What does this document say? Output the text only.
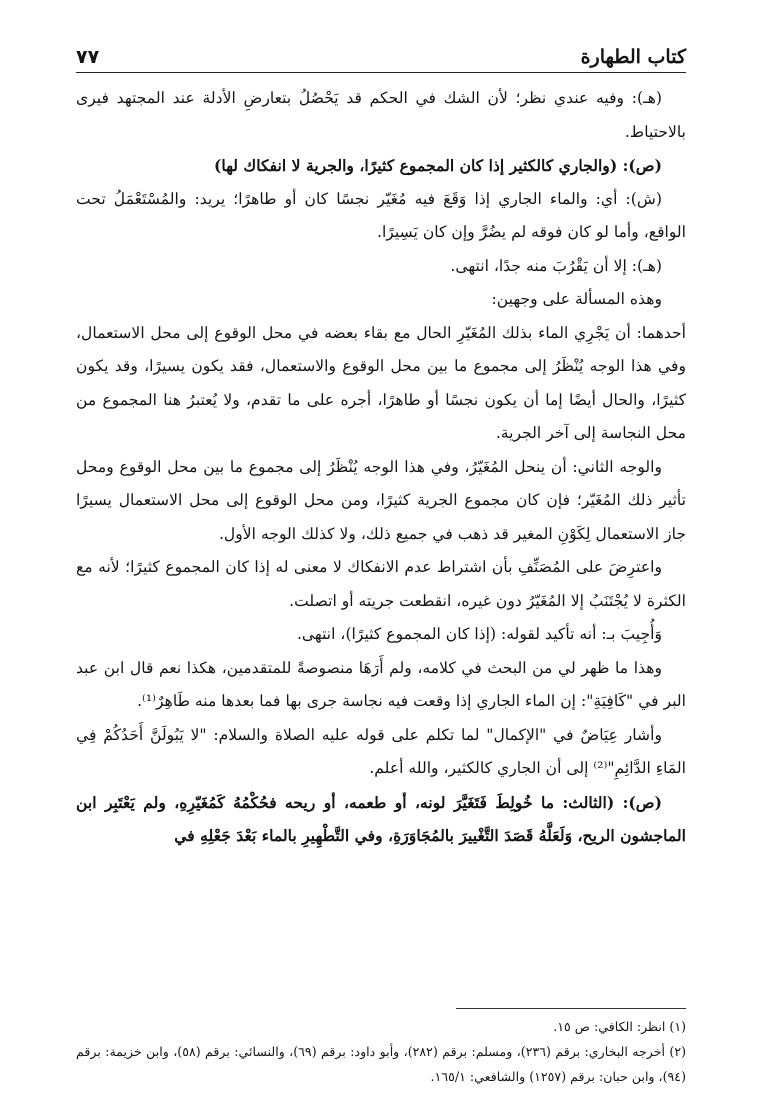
كتاب الطهارة
٧٧

(هـ): وفيه عندي نظر؛ لأن الشك في الحكم قد يَحْصُلُ بتعارضِ الأدلة عند المجتهد فيرى بالاحتياط.

(ص): (والجاري كالكثير إذا كان المجموع كثيرًا، والجرية لا انفكاك لها)

(ش): أي: والماء الجاري إذا وَقَعَ فيه مُغَيّر نجسًا كان أو طاهرًا؛ يريد: والمُسْتَعْمَلُ تحت الواقع، وأما لو كان فوقه لم يضُرَّ وإن كان يَسِيرًا.

(هـ): إلا أن يَقْرُبَ منه جدًا، انتهى.

وهذه المسألة على وجهين:

أحدهما: أن يَجْرِي الماء بذلك المُغَيّرِ الحال مع بقاء بعضه في محل الوقوع إلى محل الاستعمال، وفي هذا الوجه يُنْظَرُ إلى مجموع ما بين محل الوقوع والاستعمال، فقد يكون يسيرًا، وقد يكون كثيرًا، والحال أيضًا إما أن يكون نجسًا أو طاهرًا، أجره على ما تقدم، ولا يُعتبرُ هنا المجموع من محل النجاسة إلى آخر الجرية.

والوجه الثاني: أن ينحل المُغَيّرُ، وفي هذا الوجه يُنْظَرُ إلى مجموع ما بين محل الوقوع ومحل تأثير ذلك المُغَيّر؛ فإن كان مجموع الجرية كثيرًا، ومن محل الوقوع إلى محل الاستعمال يسيرًا جاز الاستعمال لِكَوْنِ المغير قد ذهب في جميع ذلك، ولا كذلك الوجه الأول.

واعترِضَ على المُصَنِّفِ بأن اشتراط عدم الانفكاك لا معنى له إذا كان المجموع كثيرًا؛ لأنه مع الكثرة لا يُجْتَنَبُ إلا المُغَيّرُ دون غيره، انقطعت جريته أو اتصلت.

وَأُجِيبَ بـ: أنه تأكيد لقوله: (إذا كان المجموع كثيرًا)، انتهى.

وهذا ما ظهر لي من البحث في كلامه، ولم أَرَهَا منصوصةً للمتقدمين، هكذا نعم قال ابن عبد البر في "كَافِيَةِ": إن الماء الجاري إذا وقعت فيه نجاسة جرى بها فما بعدها منه طَاهِرٌ⁽¹⁾.

وأشار عِيَاضٌ في "الإكمال" لما تكلم على قوله عليه الصلاة والسلام: "لا يَبُولَنَّ أَحَدُكُمْ فِي المَاءِ الدَّائِمِ"⁽²⁾ إلى أن الجاري كالكثير، والله أعلم.

(ص): (الثالث: ما خُولِطَ فَتَغَيَّرَ لونه، أو طعمه، أو ريحه فحُكْمُهُ كَمُغَيّرِهِ، ولم يَعْتَبِر ابن الماجشون الريح، وَلَعَلَّهُ قَصَدَ التَّغْييرَ بالمُجَاوَرَةِ، وفي التَّطْهِيرِ بالماء بَعْدَ جَعْلِهِ في

(١) انظر: الكافي: ص ١٥.

(٢) أخرجه البخاري: برقم (٢٣٦)، ومسلم: برقم (٢٨٢)، وأبو داود: برقم (٦٩)، والنسائي: برقم (٥٨)، وابن خزيمة: برقم (٩٤)، وابن حبان: برقم (١٢٥٧) والشافعي: ١٦٥/١.
